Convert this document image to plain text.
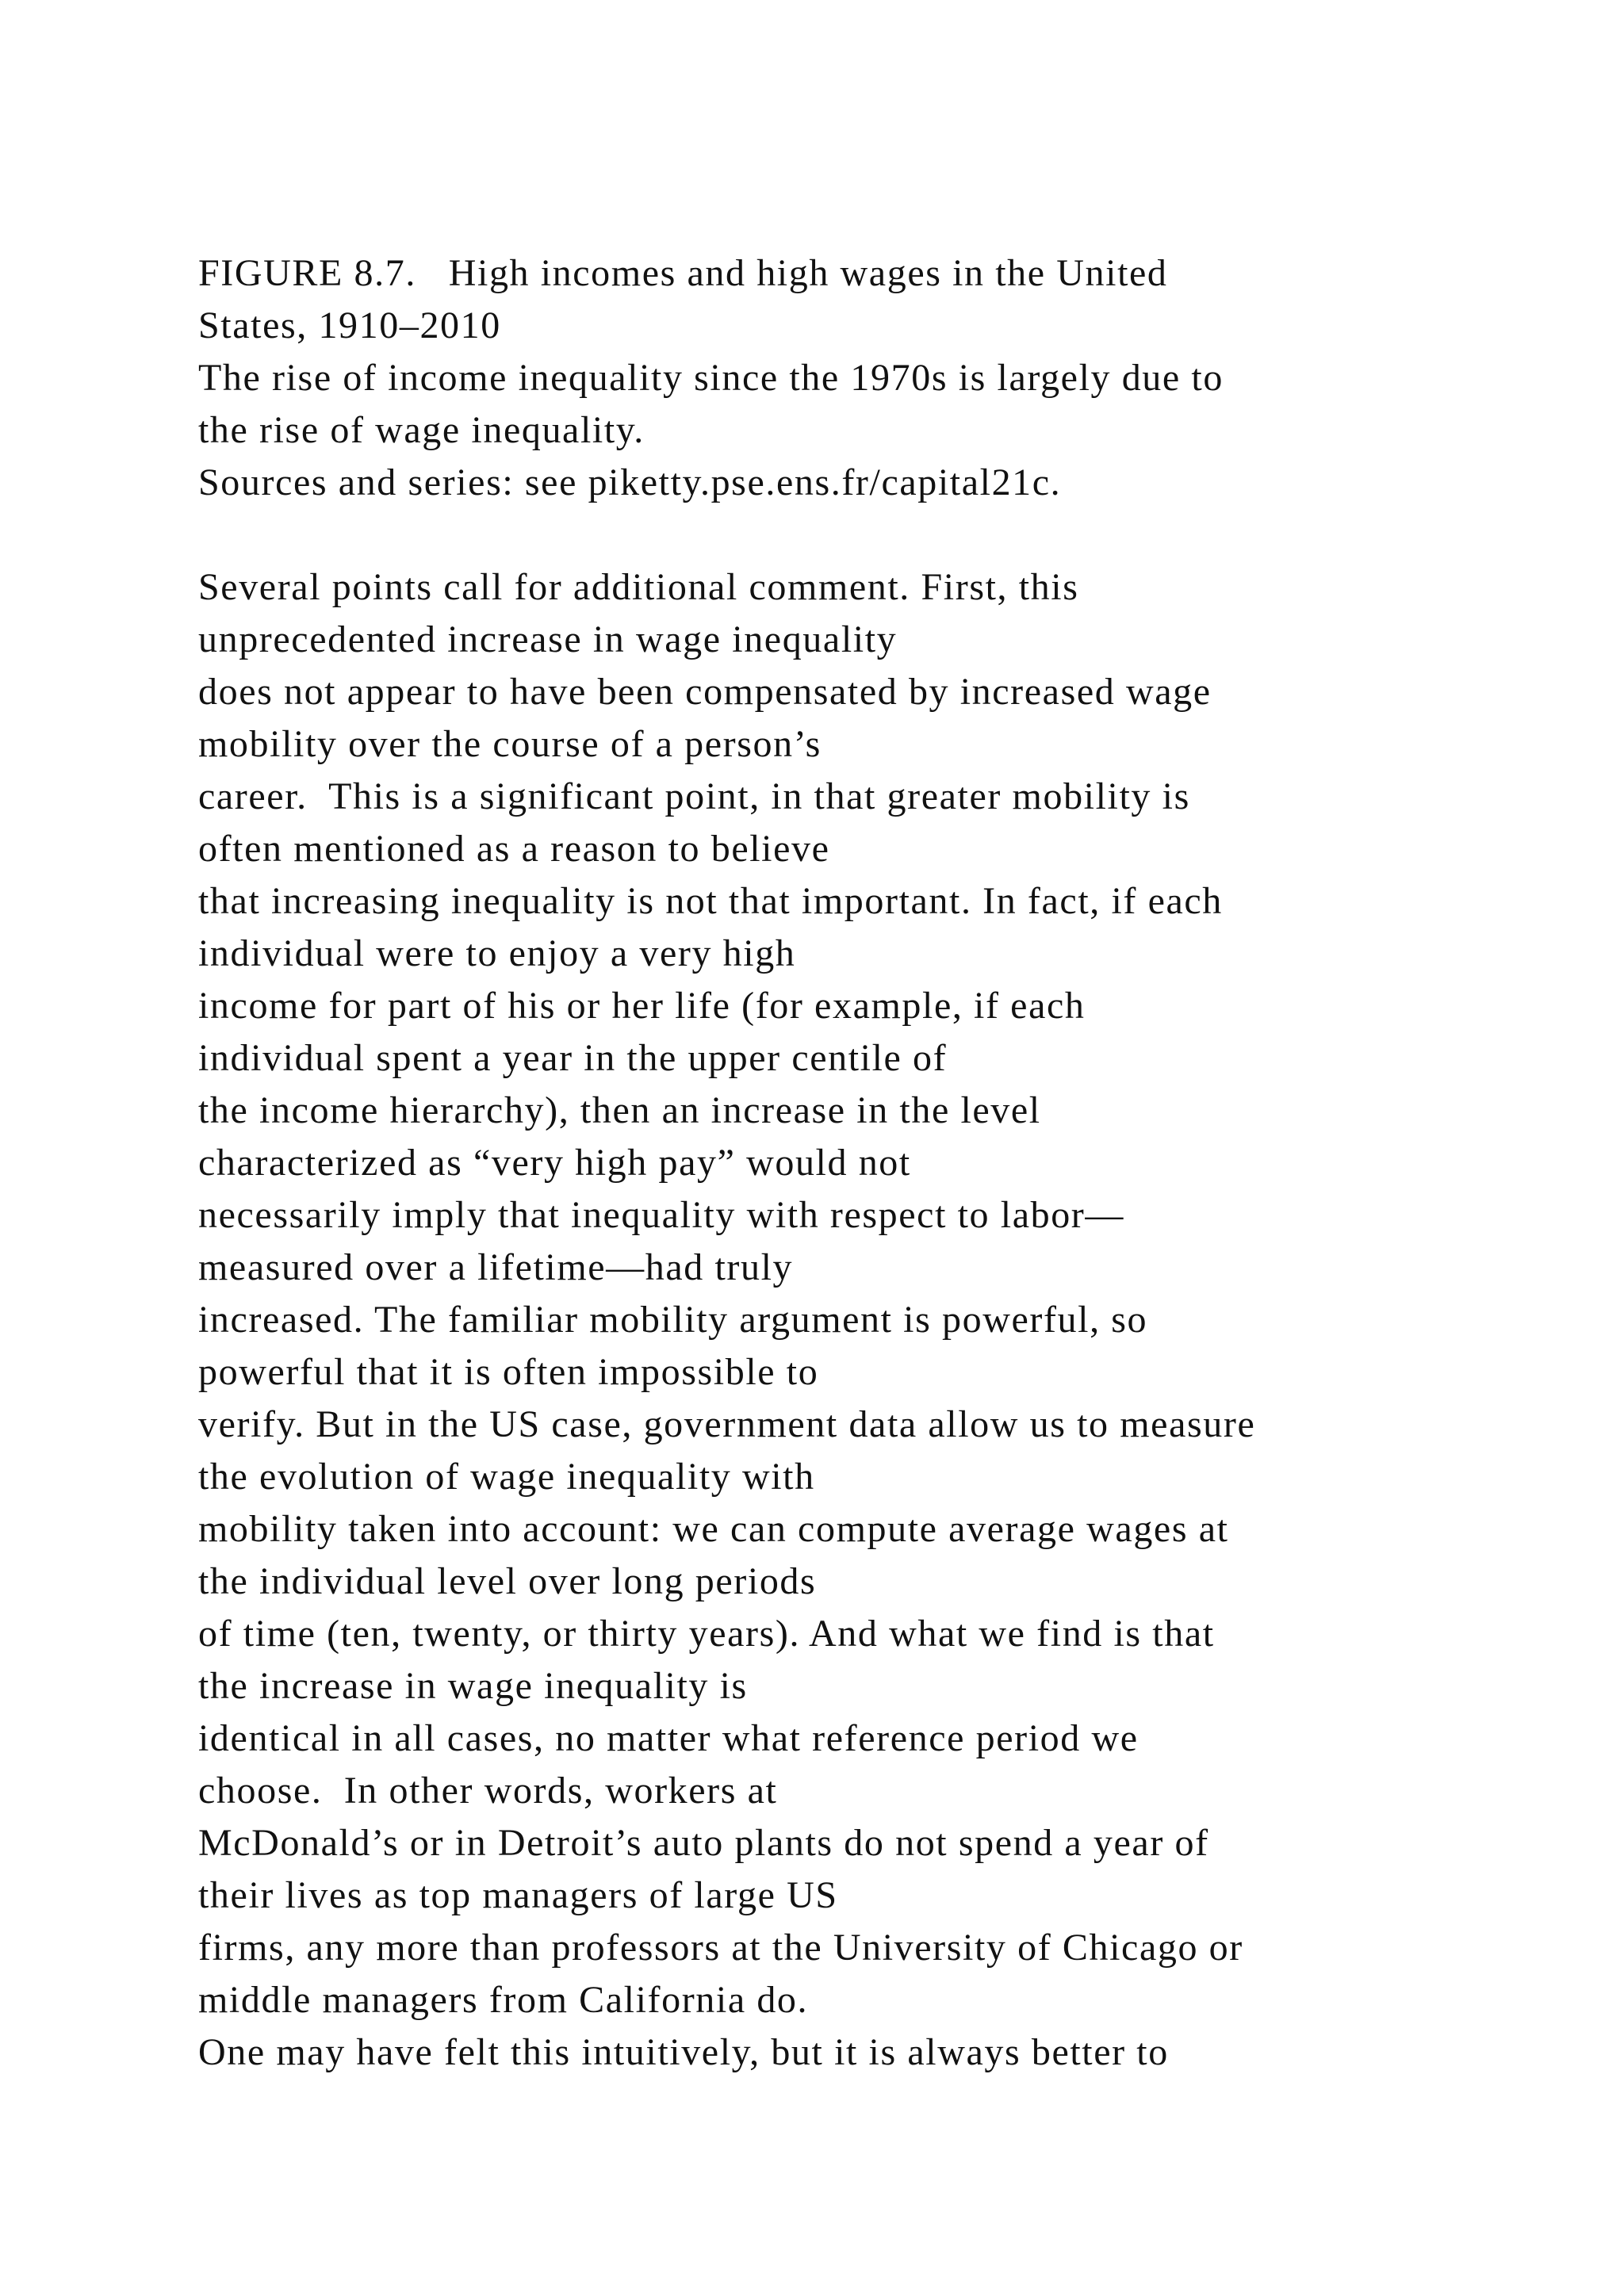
FIGURE 8.7.   High incomes and high wages in the United
States, 1910–2010
The rise of income inequality since the 1970s is largely due to
the rise of wage inequality.
Sources and series: see piketty.pse.ens.fr/capital21c.
Several points call for additional comment. First, this
unprecedented increase in wage inequality
does not appear to have been compensated by increased wage
mobility over the course of a person’s
career.  This is a significant point, in that greater mobility is
often mentioned as a reason to believe
that increasing inequality is not that important. In fact, if each
individual were to enjoy a very high
income for part of his or her life (for example, if each
individual spent a year in the upper centile of
the income hierarchy), then an increase in the level
characterized as “very high pay” would not
necessarily imply that inequality with respect to labor—
measured over a lifetime—had truly
increased. The familiar mobility argument is powerful, so
powerful that it is often impossible to
verify. But in the US case, government data allow us to measure
the evolution of wage inequality with
mobility taken into account: we can compute average wages at
the individual level over long periods
of time (ten, twenty, or thirty years). And what we find is that
the increase in wage inequality is
identical in all cases, no matter what reference period we
choose.  In other words, workers at
McDonald’s or in Detroit’s auto plants do not spend a year of
their lives as top managers of large US
firms, any more than professors at the University of Chicago or
middle managers from California do.
One may have felt this intuitively, but it is always better to
